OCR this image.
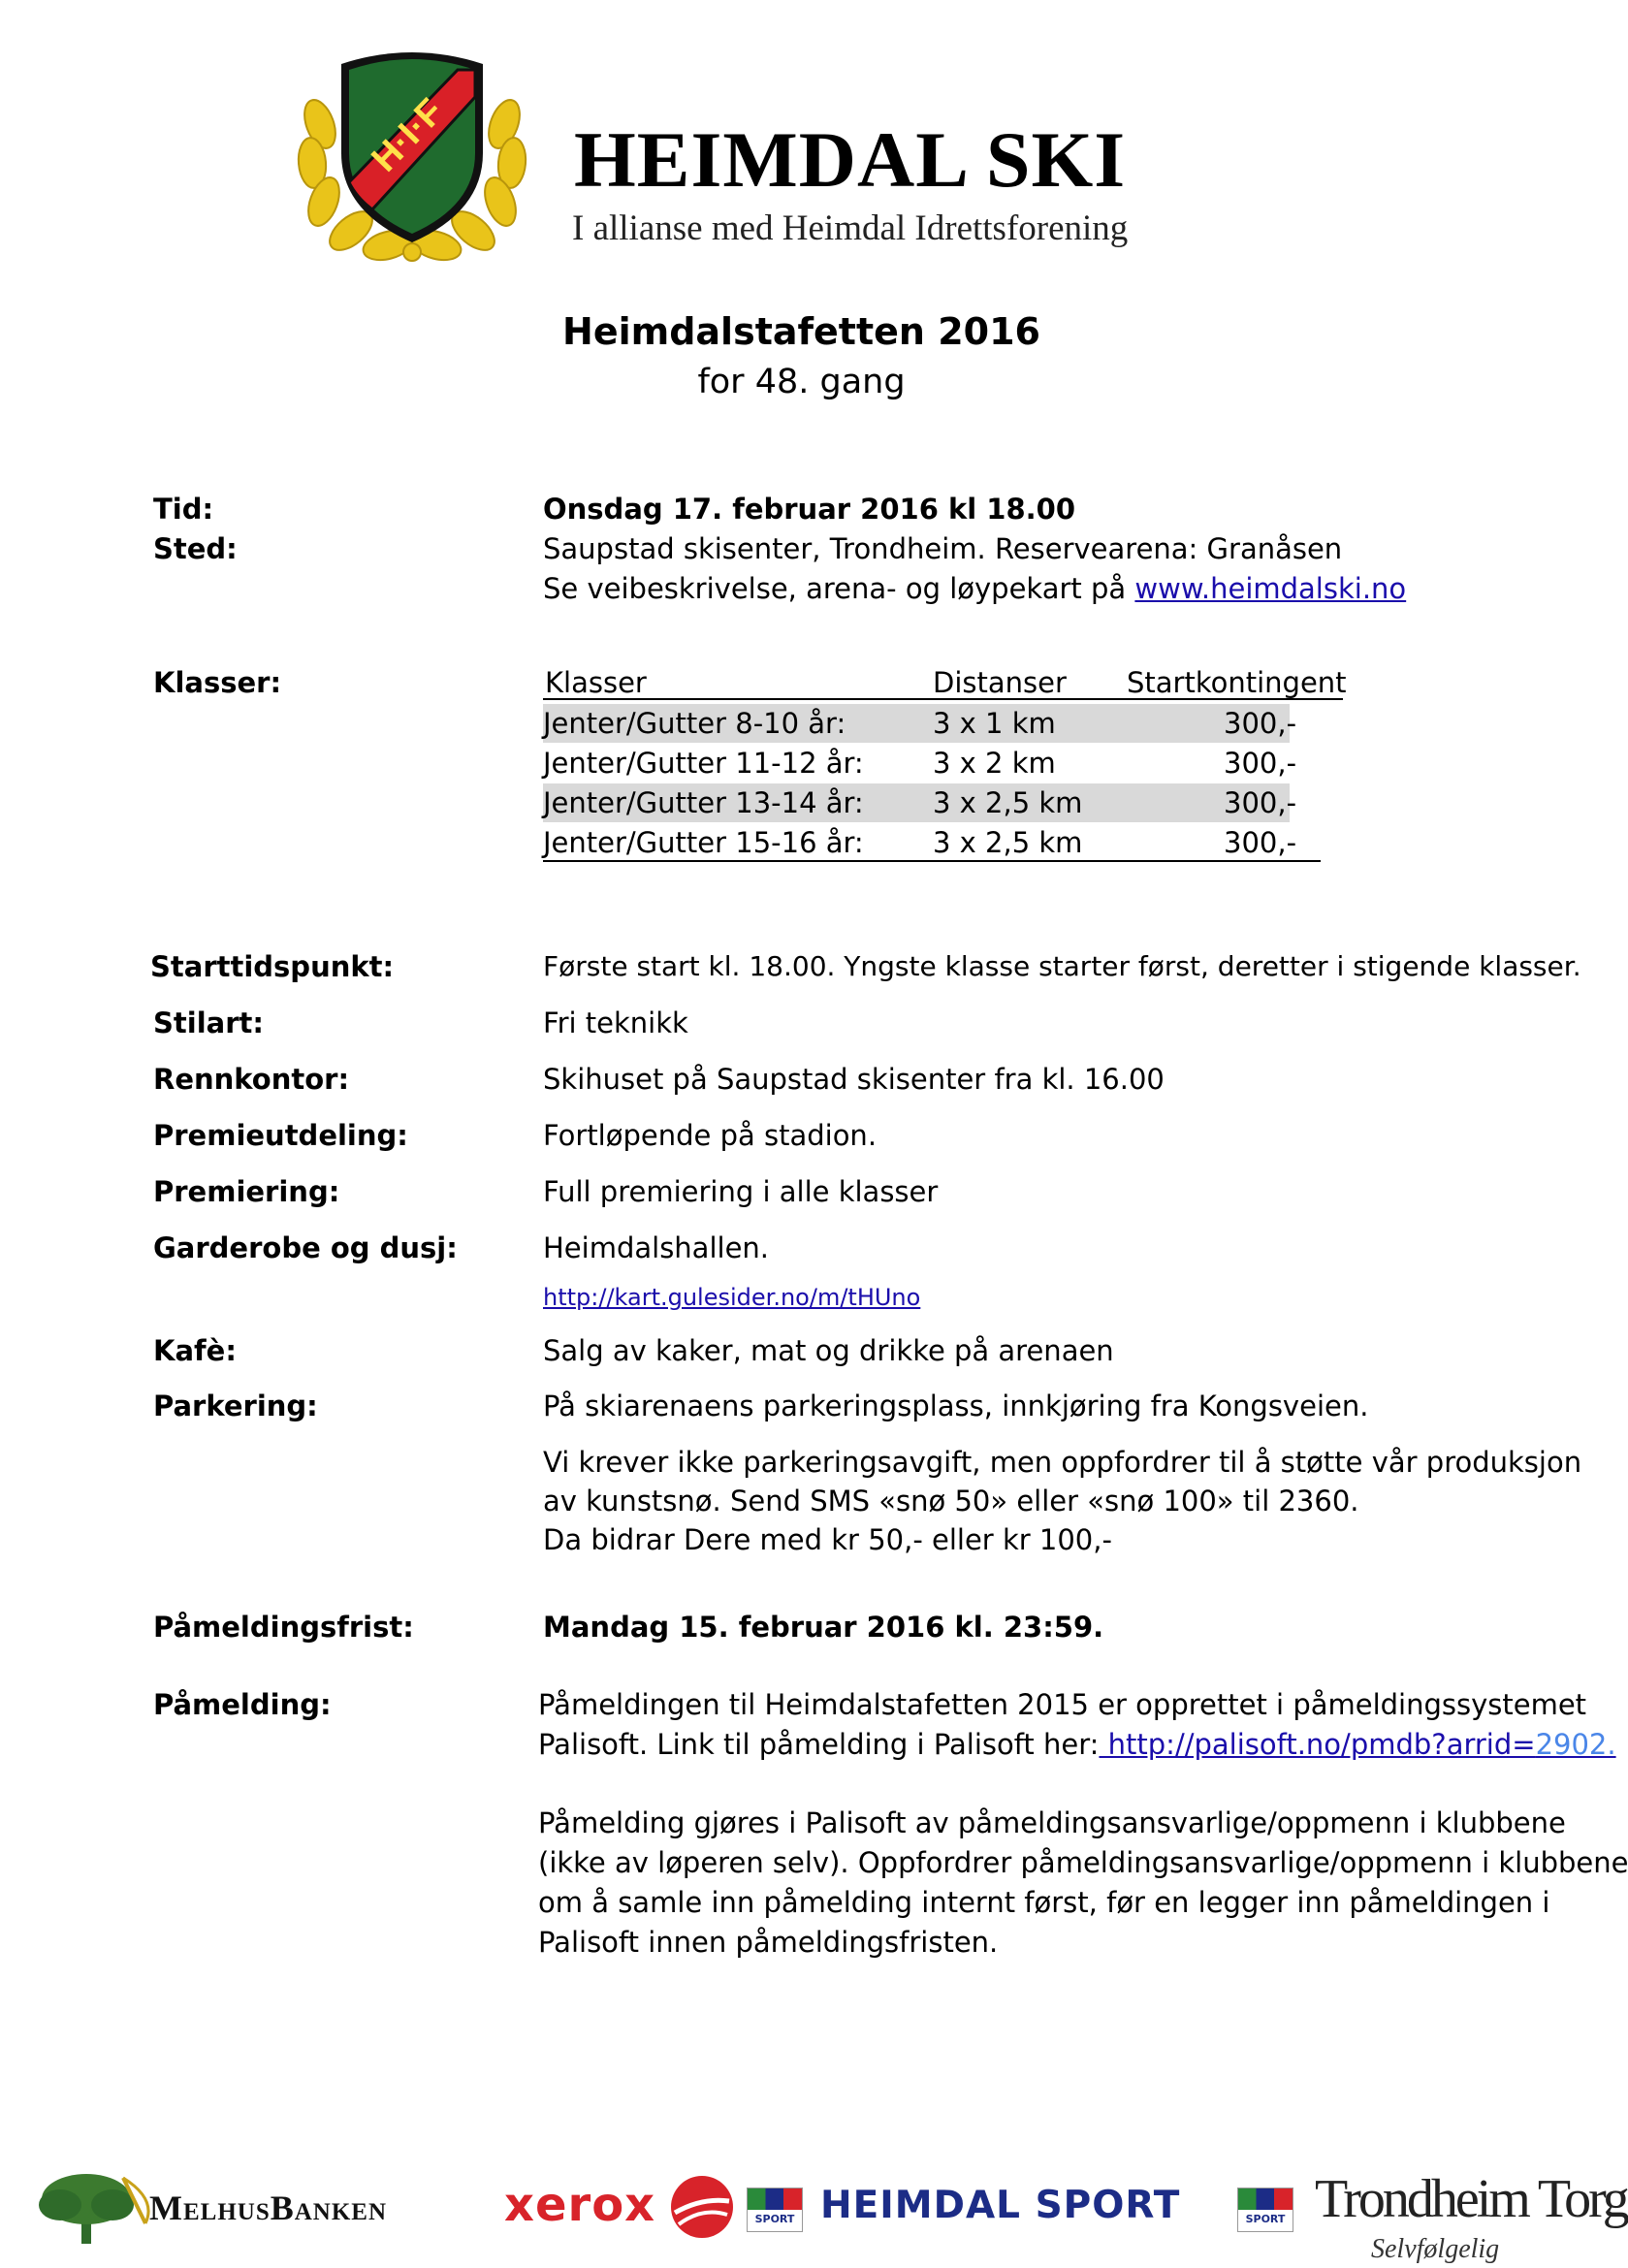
H·I·F HEIMDAL SKI
I allianse med Heimdal Idrettsforening
Heimdalstafetten 2016
for 48. gang
Tid:	Onsdag 17. februar 2016 kl 18.00
Sted:	Saupstad skisenter, Trondheim. Reservearena: Granåsen
Se veibeskrivelse, arena- og løypekart på www.heimdalski.no
Klasser:	Klasser	Distanser Startkontingent
Jenter/Gutter 8-10 år:	3 x 1 km	300,-
Jenter/Gutter 11-12 år: 3 x 2 km	300,-
Jenter/Gutter 13-14 år: 3 x 2,5 km	300,-
Jenter/Gutter 15-16 år: 3 x 2,5 km	300,-
Starttidspunkt:	Første start kl. 18.00. Yngste klasse starter først, deretter i stigende klasser.
Stilart:	Fri teknikk
Rennkontor:	Skihuset på Saupstad skisenter fra kl. 16.00
Premieutdeling:	Fortløpende på stadion.
Premiering:	Full premiering i alle klasser
Garderobe og dusj:	Heimdalshallen.
http://kart.gulesider.no/m/tHUno
Kafè:	Salg av kaker, mat og drikke på arenaen
Parkering:	På skiarenaens parkeringsplass, innkjøring fra Kongsveien.
Vi krever ikke parkeringsavgift, men oppfordrer til å støtte vår produksjon
av kunstsnø. Send SMS «snø 50» eller «snø 100» til 2360.
Da bidrar Dere med kr 50,- eller kr 100,-
Påmeldingsfrist:	Mandag 15. februar 2016 kl. 23:59.
Påmelding:	Påmeldingen til Heimdalstafetten 2015 er opprettet i påmeldingssystemet
Palisoft. Link til påmelding i Palisoft her: http://palisoft.no/pmdb?arrid=2902.
Påmelding gjøres i Palisoft av påmeldingsansvarlige/oppmenn i klubbene
(ikke av løperen selv). Oppfordrer påmeldingsansvarlige/oppmenn i klubbene
om å samle inn påmelding internt først, før en legger inn påmeldingen i
Palisoft innen påmeldingsfristen.
MelhusBanken	xerox	SPORT HEIMDAL SPORT	SPORT Trondheim Torg
Selvfølgelig
